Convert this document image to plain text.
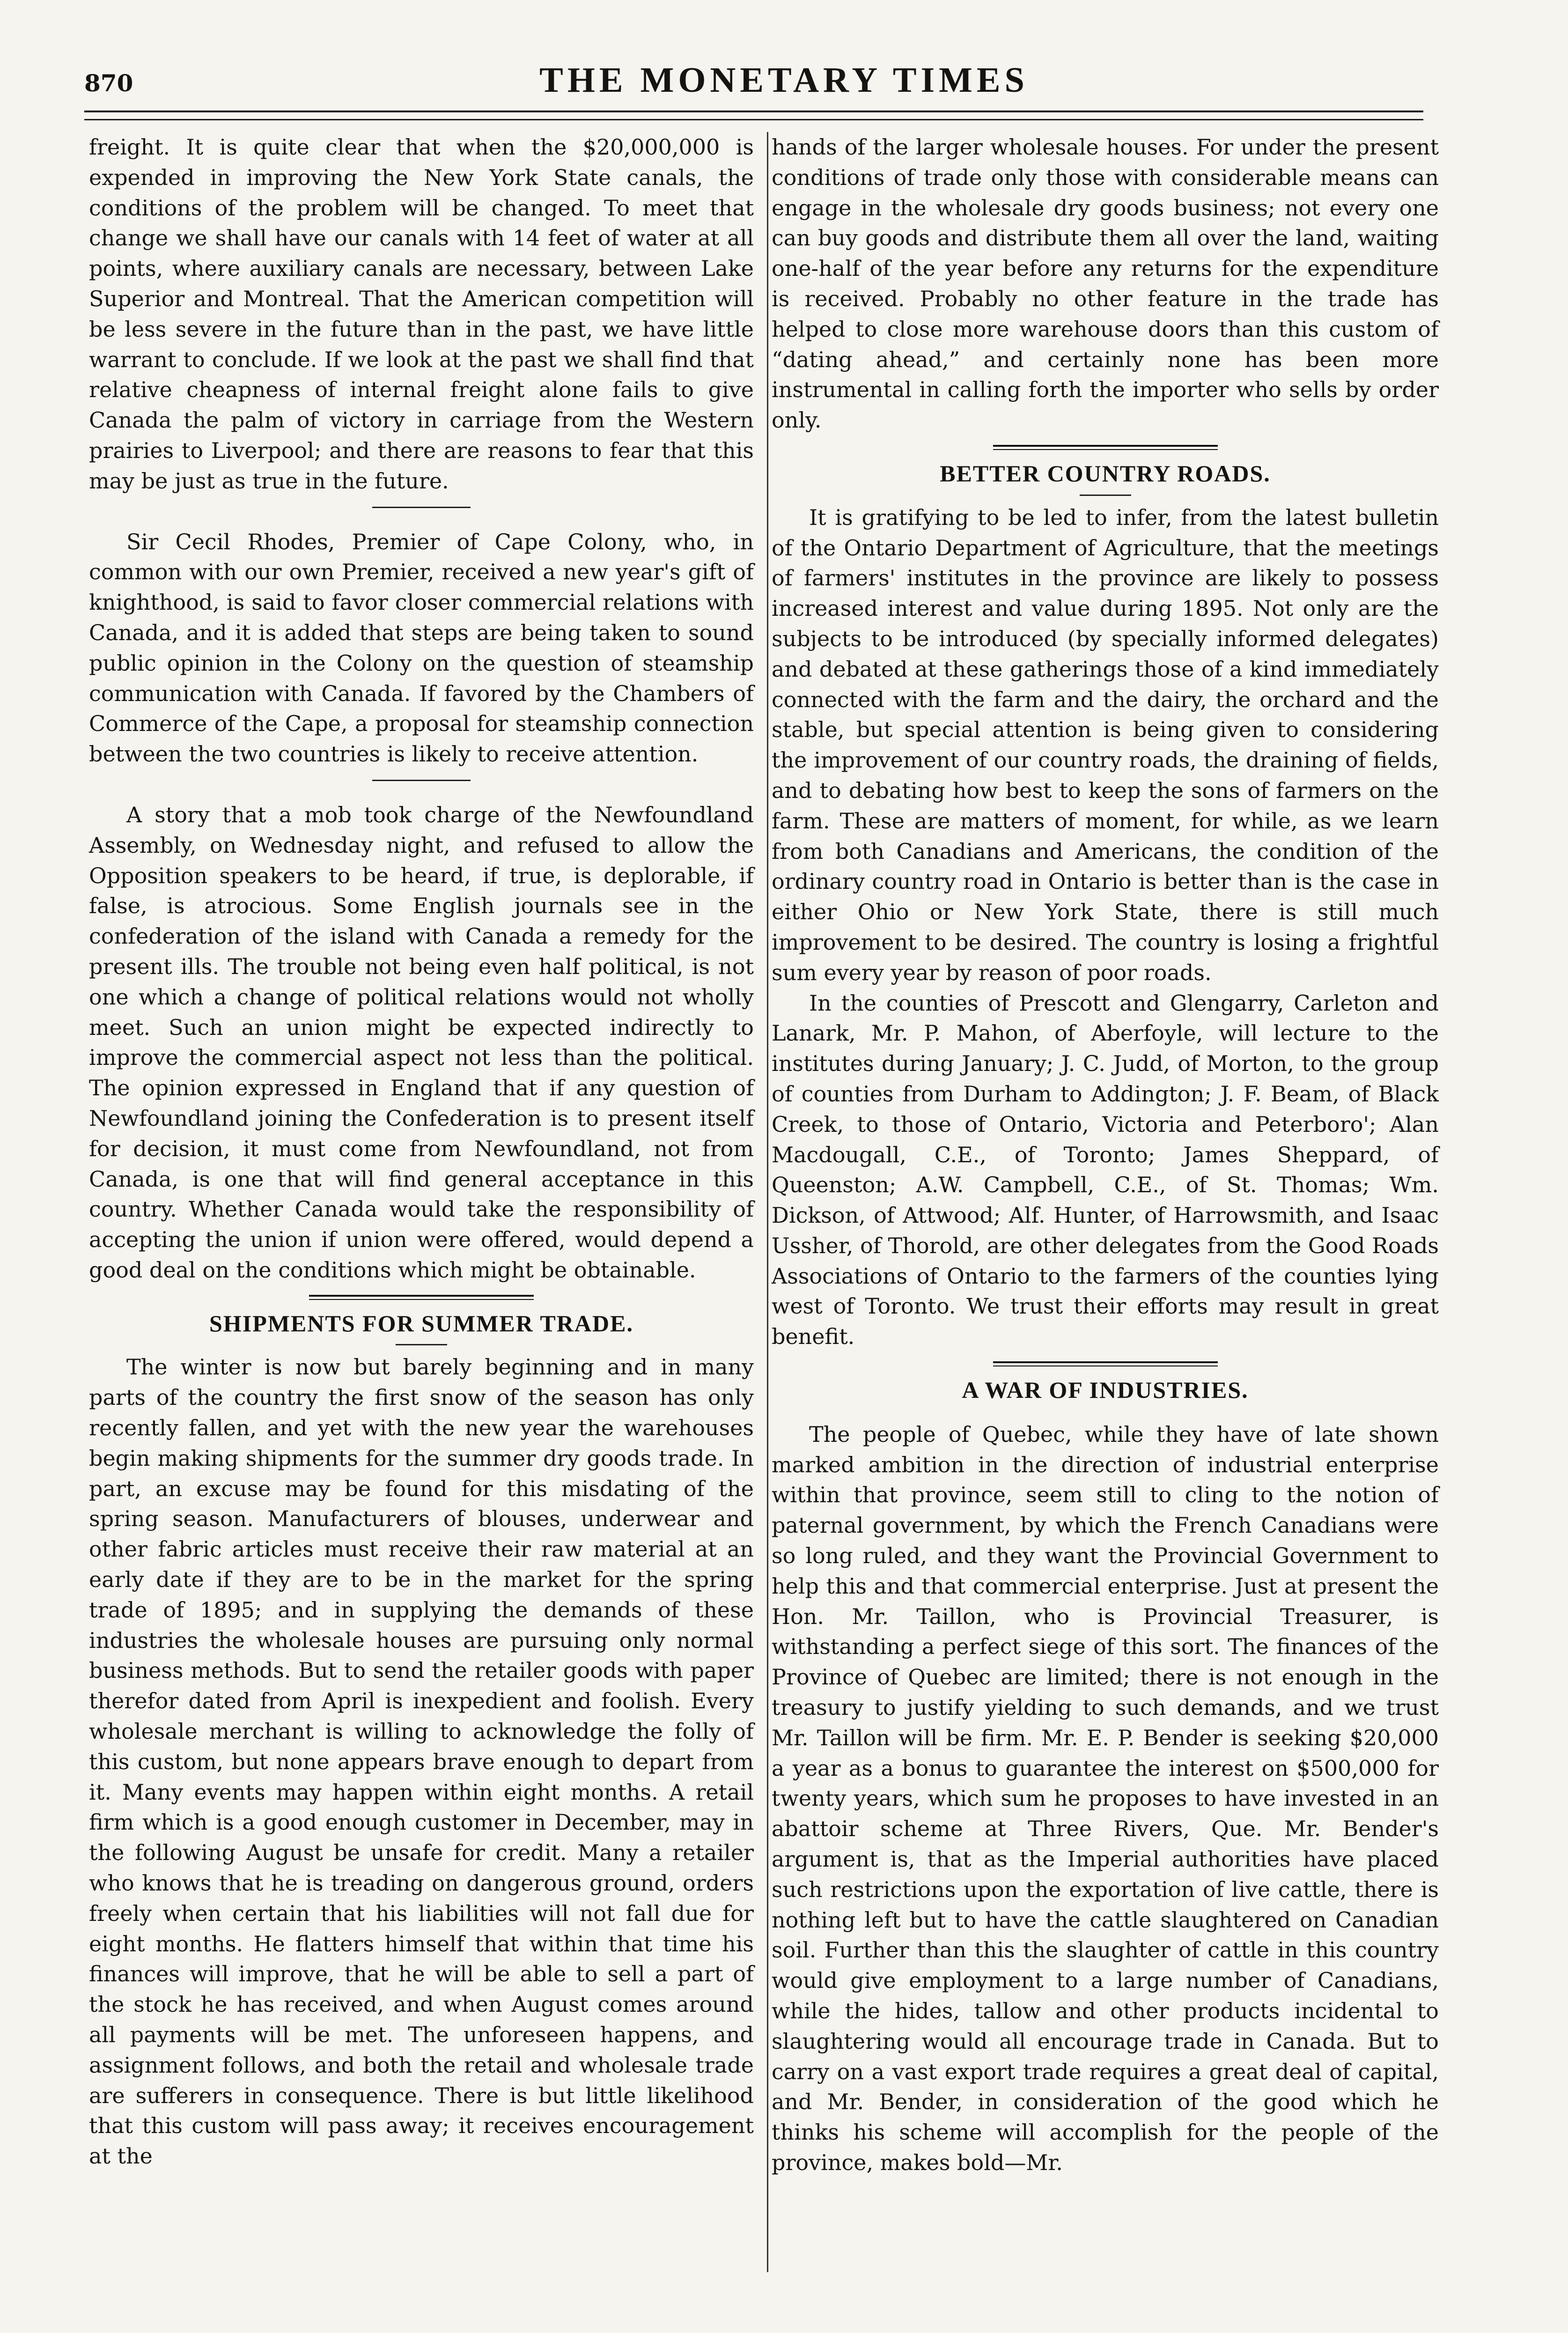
870	THE MONETARY TIMES

freight. It is quite clear that when the $20,000,000 is expended in improving the New York State canals, the conditions of the problem will be changed. To meet that change we shall have our canals with 14 feet of water at all points, where auxiliary canals are necessary, between Lake Superior and Montreal. That the American competition will be less severe in the future than in the past, we have little warrant to conclude. If we look at the past we shall find that relative cheapness of internal freight alone fails to give Canada the palm of victory in carriage from the Western prairies to Liverpool; and there are reasons to fear that this may be just as true in the future.

Sir Cecil Rhodes, Premier of Cape Colony, who, in common with our own Premier, received a new year's gift of knighthood, is said to favor closer commercial relations with Canada, and it is added that steps are being taken to sound public opinion in the Colony on the question of steamship communication with Canada. If favored by the Chambers of Commerce of the Cape, a proposal for steamship connection between the two countries is likely to receive attention.

A story that a mob took charge of the Newfoundland Assembly, on Wednesday night, and refused to allow the Opposition speakers to be heard, if true, is deplorable, if false, is atrocious. Some English journals see in the confederation of the island with Canada a remedy for the present ills. The trouble not being even half political, is not one which a change of political relations would not wholly meet. Such an union might be expected indirectly to improve the commercial aspect not less than the political. The opinion expressed in England that if any question of Newfoundland joining the Confederation is to present itself for decision, it must come from Newfoundland, not from Canada, is one that will find general acceptance in this country. Whether Canada would take the responsibility of accepting the union if union were offered, would depend a good deal on the conditions which might be obtainable.

SHIPMENTS FOR SUMMER TRADE.

The winter is now but barely beginning and in many parts of the country the first snow of the season has only recently fallen, and yet with the new year the warehouses begin making shipments for the summer dry goods trade. In part, an excuse may be found for this misdating of the spring season. Manufacturers of blouses, underwear and other fabric articles must receive their raw material at an early date if they are to be in the market for the spring trade of 1895; and in supplying the demands of these industries the wholesale houses are pursuing only normal business methods. But to send the retailer goods with paper therefor dated from April is inexpedient and foolish. Every wholesale merchant is willing to acknowledge the folly of this custom, but none appears brave enough to depart from it. Many events may happen within eight months. A retail firm which is a good enough customer in December, may in the following August be unsafe for credit. Many a retailer who knows that he is treading on dangerous ground, orders freely when certain that his liabilities will not fall due for eight months. He flatters himself that within that time his finances will improve, that he will be able to sell a part of the stock he has received, and when August comes around all payments will be met. The unforeseen happens, and assignment follows, and both the retail and wholesale trade are sufferers in consequence. There is but little likelihood that this custom will pass away; it receives encouragement at the

hands of the larger wholesale houses. For under the present conditions of trade only those with considerable means can engage in the wholesale dry goods business; not every one can buy goods and distribute them all over the land, waiting one-half of the year before any returns for the expenditure is received. Probably no other feature in the trade has helped to close more warehouse doors than this custom of “dating ahead,” and certainly none has been more instrumental in calling forth the importer who sells by order only.

BETTER COUNTRY ROADS.

It is gratifying to be led to infer, from the latest bulletin of the Ontario Department of Agriculture, that the meetings of farmers' institutes in the province are likely to possess increased interest and value during 1895. Not only are the subjects to be introduced (by specially informed delegates) and debated at these gatherings those of a kind immediately connected with the farm and the dairy, the orchard and the stable, but special attention is being given to considering the improvement of our country roads, the draining of fields, and to debating how best to keep the sons of farmers on the farm. These are matters of moment, for while, as we learn from both Canadians and Americans, the condition of the ordinary country road in Ontario is better than is the case in either Ohio or New York State, there is still much improvement to be desired. The country is losing a frightful sum every year by reason of poor roads.

In the counties of Prescott and Glengarry, Carleton and Lanark, Mr. P. Mahon, of Aberfoyle, will lecture to the institutes during January; J. C. Judd, of Morton, to the group of counties from Durham to Addington; J. F. Beam, of Black Creek, to those of Ontario, Victoria and Peterboro'; Alan Macdougall, C.E., of Toronto; James Sheppard, of Queenston; A.W. Campbell, C.E., of St. Thomas; Wm. Dickson, of Attwood; Alf. Hunter, of Harrowsmith, and Isaac Ussher, of Thorold, are other delegates from the Good Roads Associations of Ontario to the farmers of the counties lying west of Toronto. We trust their efforts may result in great benefit.

A WAR OF INDUSTRIES.

The people of Quebec, while they have of late shown marked ambition in the direction of industrial enterprise within that province, seem still to cling to the notion of paternal government, by which the French Canadians were so long ruled, and they want the Provincial Government to help this and that commercial enterprise. Just at present the Hon. Mr. Taillon, who is Provincial Treasurer, is withstanding a perfect siege of this sort. The finances of the Province of Quebec are limited; there is not enough in the treasury to justify yielding to such demands, and we trust Mr. Taillon will be firm. Mr. E. P. Bender is seeking $20,000 a year as a bonus to guarantee the interest on $500,000 for twenty years, which sum he proposes to have invested in an abattoir scheme at Three Rivers, Que. Mr. Bender's argument is, that as the Imperial authorities have placed such restrictions upon the exportation of live cattle, there is nothing left but to have the cattle slaughtered on Canadian soil. Further than this the slaughter of cattle in this country would give employment to a large number of Canadians, while the hides, tallow and other products incidental to slaughtering would all encourage trade in Canada. But to carry on a vast export trade requires a great deal of capital, and Mr. Bender, in consideration of the good which he thinks his scheme will accomplish for the people of the province, makes bold—Mr.
